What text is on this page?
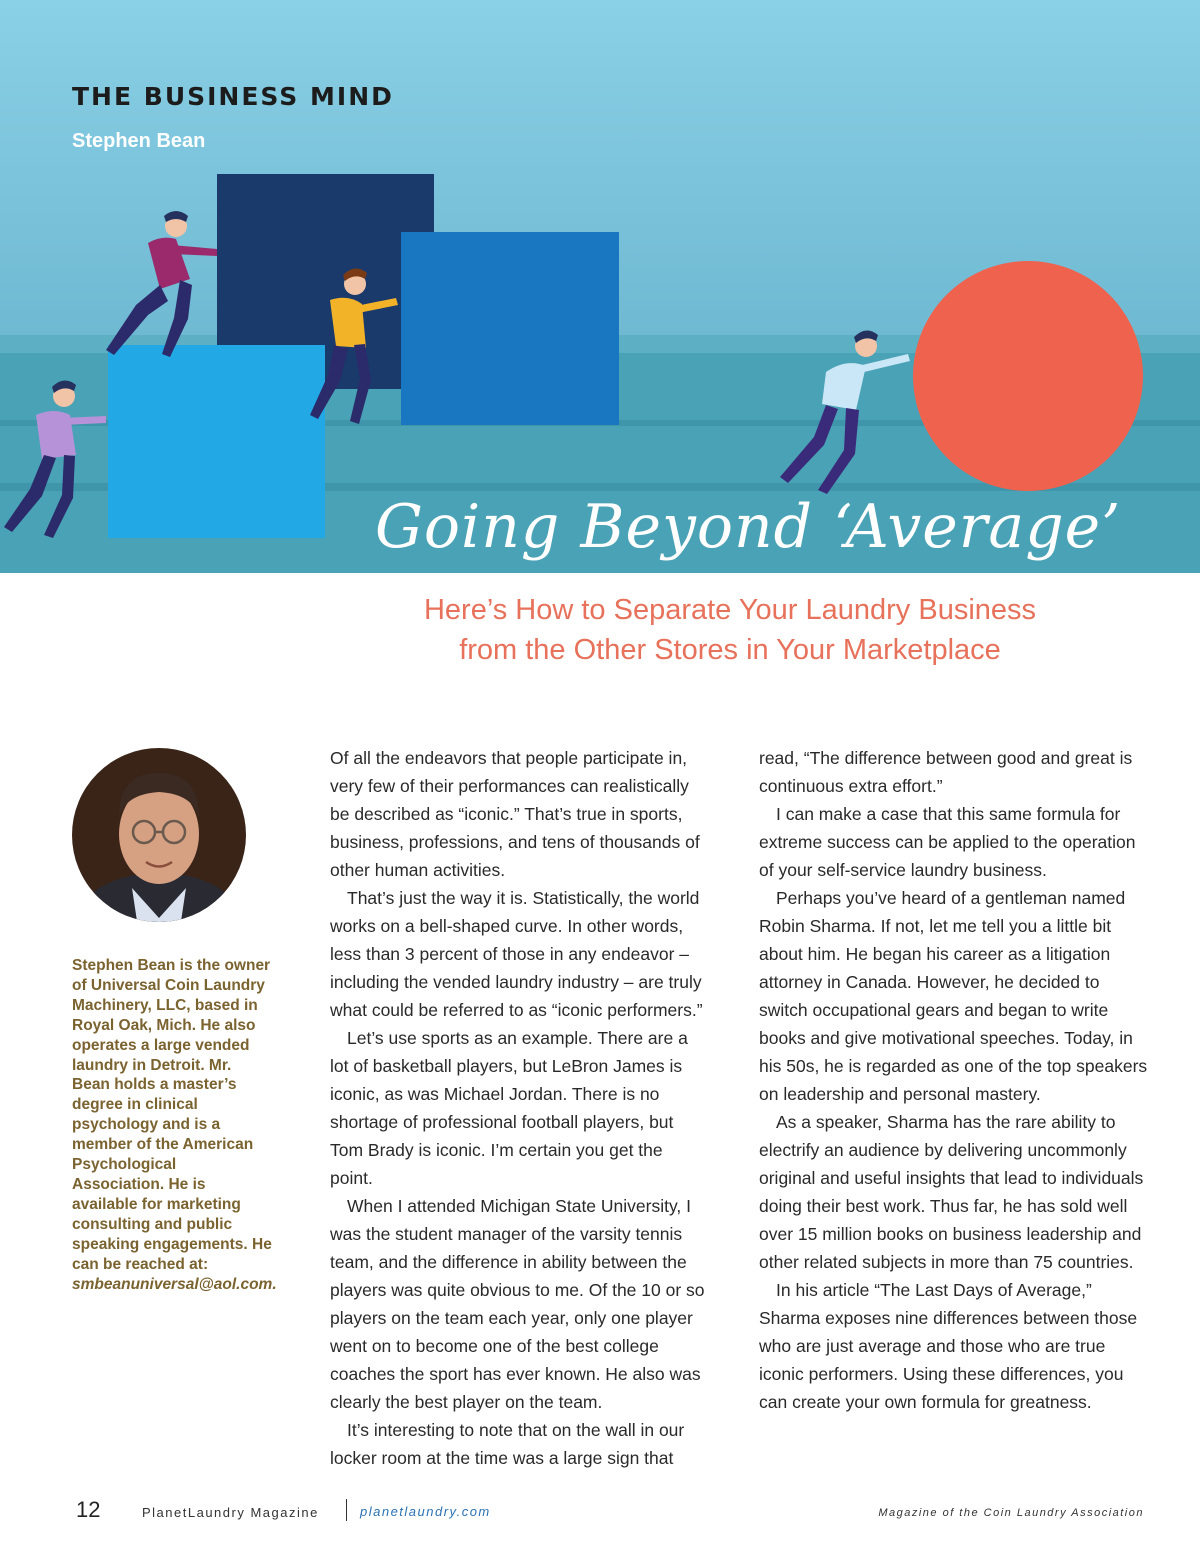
THE BUSINESS MIND
Stephen Bean
Going Beyond ‘Average’
Here’s How to Separate Your Laundry Business
from the Other Stores in Your Marketplace
Stephen Bean is the owner of Universal Coin Laundry Machinery, LLC, based in Royal Oak, Mich. He also operates a large vended laundry in Detroit. Mr. Bean holds a master’s degree in clinical psychology and is a member of the American Psychological Association. He is available for marketing consulting and public speaking engagements. He can be reached at: smbeanuniversal@aol.com.

Of all the endeavors that people participate in, very few of their performances can realistically be described as “iconic.” That’s true in sports, business, professions, and tens of thousands of other human activities.

That’s just the way it is. Statistically, the world works on a bell-shaped curve. In other words, less than 3 percent of those in any endeavor – including the vended laundry industry – are truly what could be referred to as “iconic performers.”

Let’s use sports as an example. There are a lot of basketball players, but LeBron James is iconic, as was Michael Jordan. There is no shortage of professional football players, but Tom Brady is iconic. I’m certain you get the point.

When I attended Michigan State University, I was the student manager of the varsity tennis team, and the difference in ability between the players was quite obvious to me. Of the 10 or so players on the team each year, only one player went on to become one of the best college coaches the sport has ever known. He also was clearly the best player on the team.

It’s interesting to note that on the wall in our locker room at the time was a large sign that

read, “The difference between good and great is continuous extra effort.”

I can make a case that this same formula for extreme success can be applied to the operation of your self-service laundry business.

Perhaps you’ve heard of a gentleman named Robin Sharma. If not, let me tell you a little bit about him. He began his career as a litigation attorney in Canada. However, he decided to switch occupational gears and began to write books and give motivational speeches. Today, in his 50s, he is regarded as one of the top speakers on leadership and personal mastery.

As a speaker, Sharma has the rare ability to electrify an audience by delivering uncommonly original and useful insights that lead to individuals doing their best work. Thus far, he has sold well over 15 million books on business leadership and other related subjects in more than 75 countries.

In his article “The Last Days of Average,” Sharma exposes nine differences between those who are just average and those who are true iconic performers. Using these differences, you can create your own formula for greatness.

12	PlanetLaundry Magazine	planetlaundry.com	Magazine of the Coin Laundry Association
